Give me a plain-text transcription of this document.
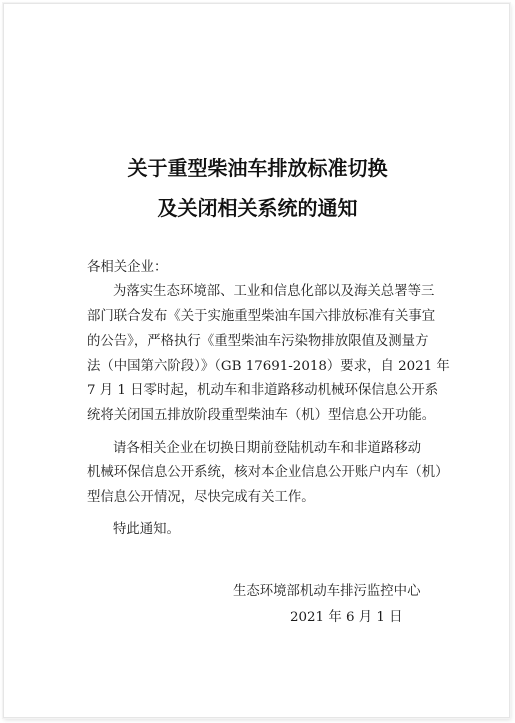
关于重型柴油车排放标准切换
及关闭相关系统的通知
各相关企业：
为落实生态环境部、工业和信息化部以及海关总署等三
部门联合发布《关于实施重型柴油车国六排放标准有关事宜
的公告》，严格执行《重型柴油车污染物排放限值及测量方
法（中国第六阶段）》（GB 17691-2018）要求，自 2021 年
7 月 1 日零时起，机动车和非道路移动机械环保信息公开系
统将关闭国五排放阶段重型柴油车（机）型信息公开功能。
请各相关企业在切换日期前登陆机动车和非道路移动
机械环保信息公开系统，核对本企业信息公开账户内车（机）
型信息公开情况，尽快完成有关工作。
特此通知。
生态环境部机动车排污监控中心
2021 年 6 月 1 日
